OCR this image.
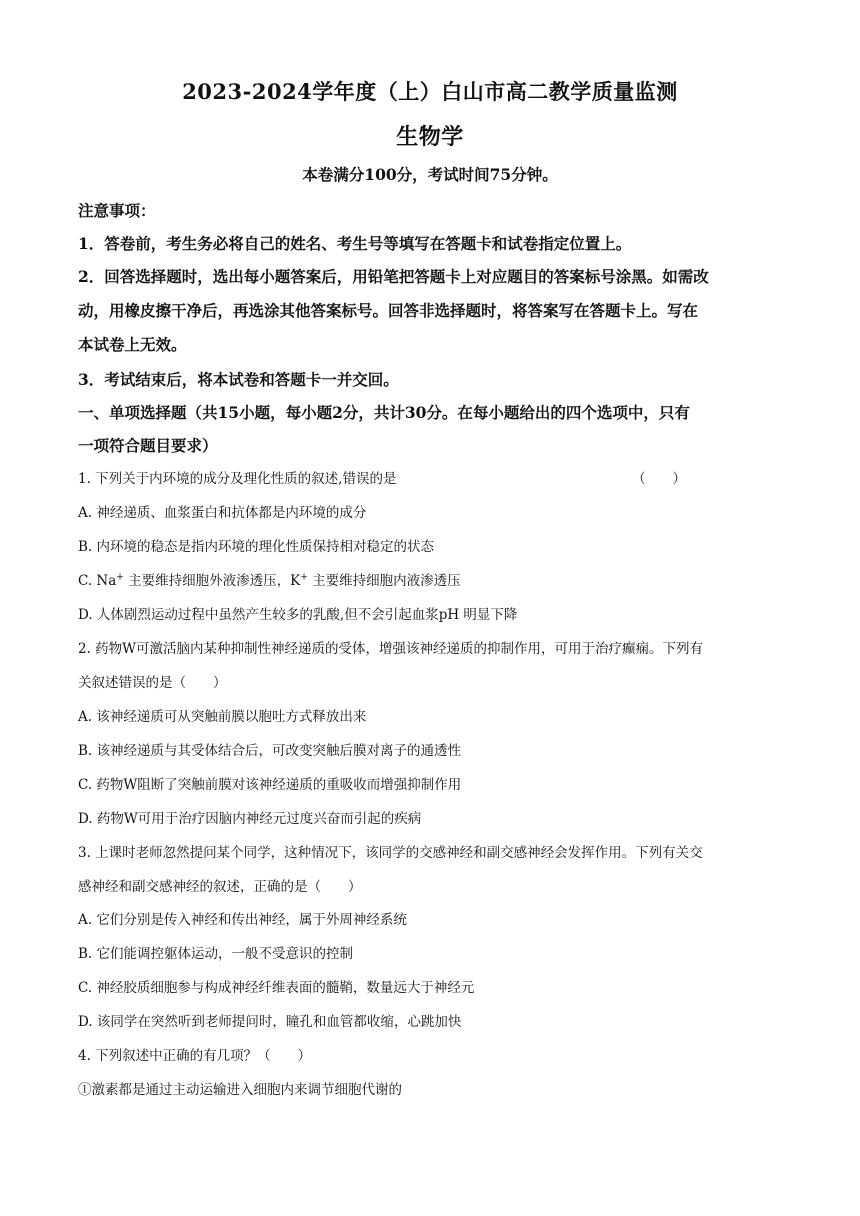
2023-2024学年度（上）白山市高二教学质量监测
生物学
本卷满分100分，考试时间75分钟。
注意事项：
1．答卷前，考生务必将自己的姓名、考生号等填写在答题卡和试卷指定位置上。
2．回答选择题时，选出每小题答案后，用铅笔把答题卡上对应题目的答案标号涂黑。如需改
动，用橡皮擦干净后，再选涂其他答案标号。回答非选择题时，将答案写在答题卡上。写在
本试卷上无效。
3．考试结束后，将本试卷和答题卡一并交回。
一、单项选择题（共15小题，每小题2分，共计30分。在每小题给出的四个选项中，只有
一项符合题目要求）
1. 下列关于内环境的成分及理化性质的叙述,错误的是	（　　）
A. 神经递质、血浆蛋白和抗体都是内环境的成分
B. 内环境的稳态是指内环境的理化性质保持相对稳定的状态
C. Na+ 主要维持细胞外液渗透压，K+ 主要维持细胞内液渗透压
D. 人体剧烈运动过程中虽然产生较多的乳酸,但不会引起血浆pH 明显下降
2. 药物W可激活脑内某种抑制性神经递质的受体，增强该神经递质的抑制作用，可用于治疗癫痫。下列有
关叙述错误的是（　　）
A. 该神经递质可从突触前膜以胞吐方式释放出来
B. 该神经递质与其受体结合后，可改变突触后膜对离子的通透性
C. 药物W阻断了突触前膜对该神经递质的重吸收而增强抑制作用
D. 药物W可用于治疗因脑内神经元过度兴奋而引起的疾病
3. 上课时老师忽然提问某个同学，这种情况下，该同学的交感神经和副交感神经会发挥作用。下列有关交
感神经和副交感神经的叙述，正确的是（　　）
A. 它们分别是传入神经和传出神经，属于外周神经系统
B. 它们能调控躯体运动，一般不受意识的控制
C. 神经胶质细胞参与构成神经纤维表面的髓鞘，数量远大于神经元
D. 该同学在突然听到老师提问时，瞳孔和血管都收缩，心跳加快
4. 下列叙述中正确的有几项？（　　）
①激素都是通过主动运输进入细胞内来调节细胞代谢的
